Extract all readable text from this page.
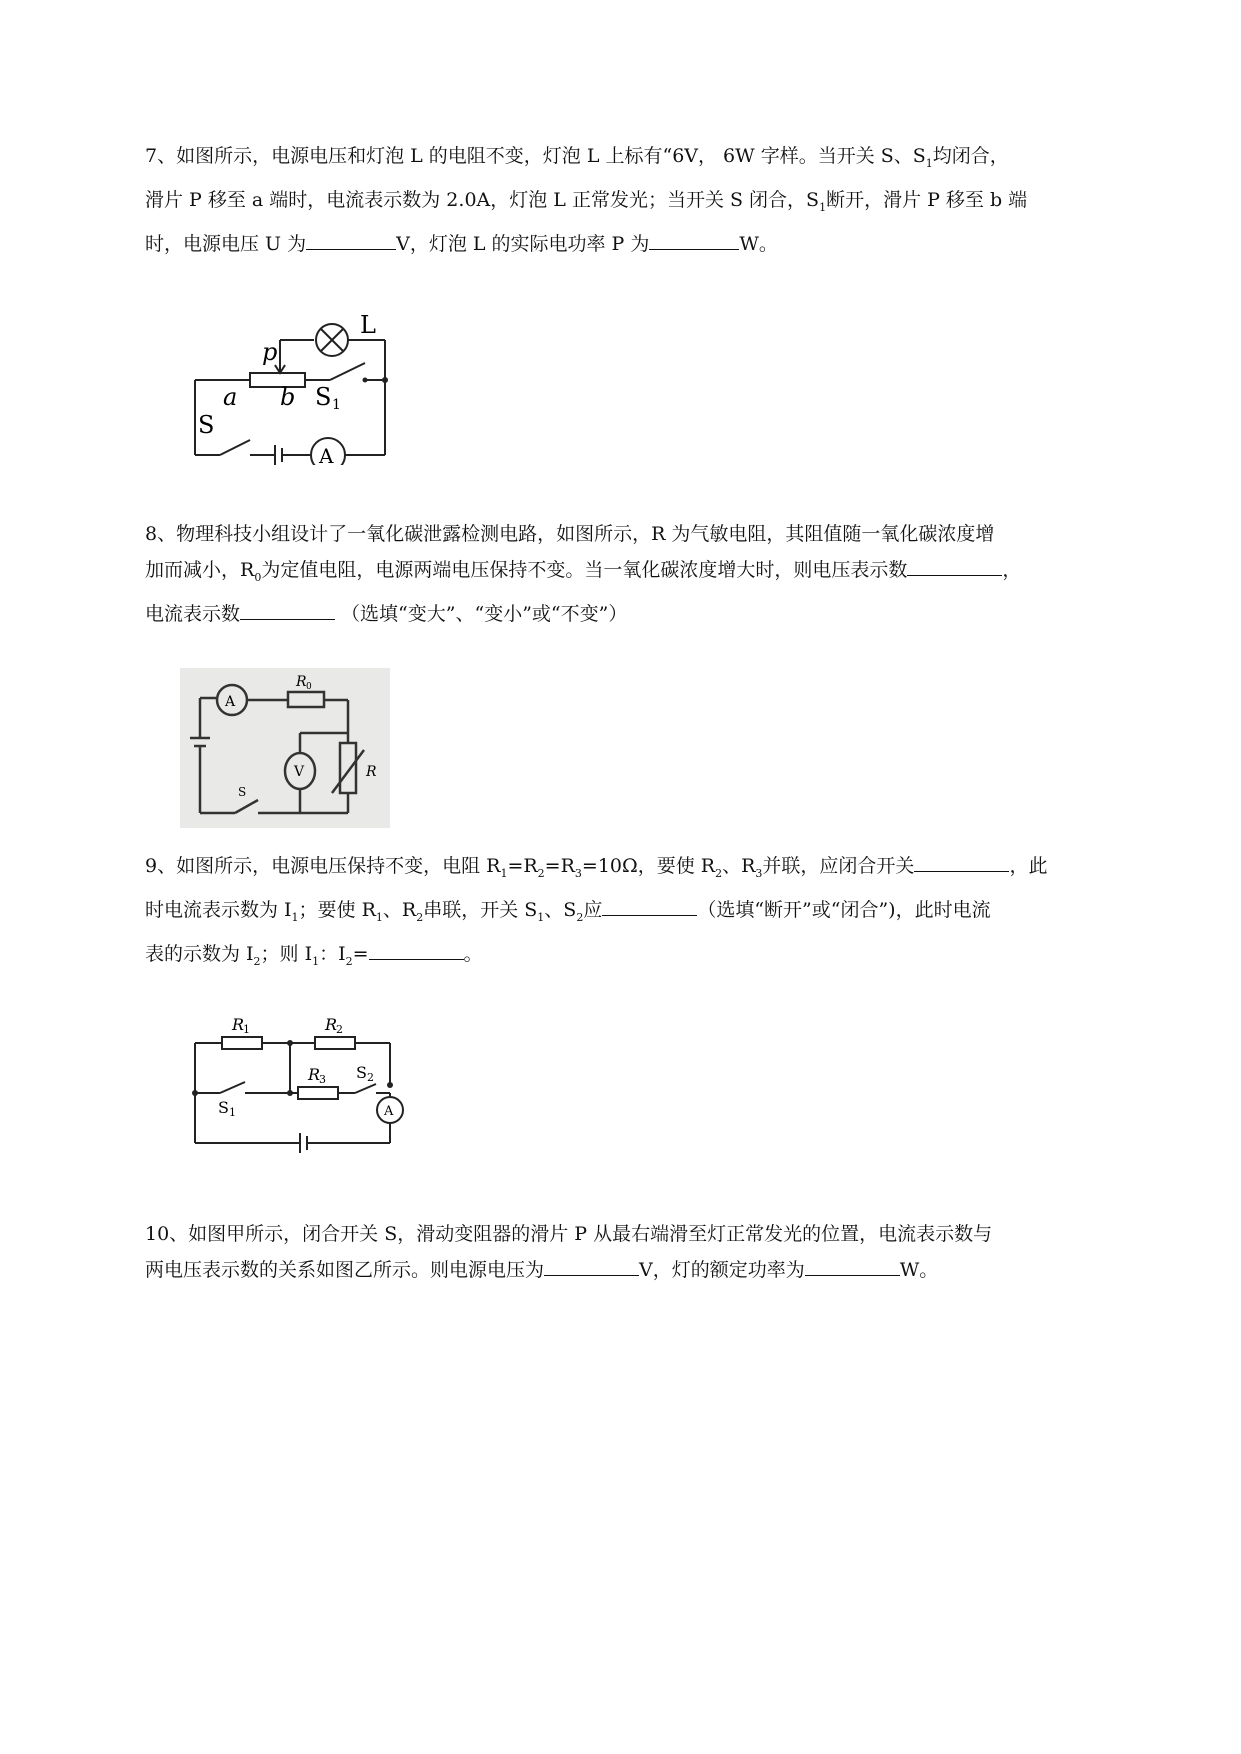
7、如图所示，电源电压和灯泡 L 的电阻不变，灯泡 L 上标有“6V， 6W 字样。当开关 S、$S_1$均闭合，

滑片 P 移至 a 端时，电流表示数为 2.0A，灯泡 L 正常发光；当开关 S 闭合，$S_1$断开，滑片 P 移至 b 端

时，电源电压 U 为	V，灯泡 L 的实际电功率 P 为	W。

L
p
a b S 1
S
A

8、物理科技小组设计了一氧化碳泄露检测电路，如图所示，R 为气敏电阻，其阻值随一氧化碳浓度增

加而减小，$R_0$为定值电阻，电源两端电压保持不变。当一氧化碳浓度增大时，则电压表示数	，

电流表示数	（选填“变大”、“变小”或“不变”）

A
R 0
V	R
S

9、如图所示，电源电压保持不变，电阻 $R_1=R_2=R_3=10\Omega$，要使 $R_2$、$R_3$并联，应闭合开关	，此

时电流表示数为 $I_1$；要使 $R_1$、$R_2$串联，开关 $S_1$、$S_2$应	（选填“断开”或“闭合”)，此时电流

表的示数为 $I_2$；则 $I_1$：$I_2=$	。

R
1	R
2
R
3 S 2
S 1	A

10、如图甲所示，闭合开关 S，滑动变阻器的滑片 P 从最右端滑至灯正常发光的位置，电流表示数与

两电压表示数的关系如图乙所示。则电源电压为	V，灯的额定功率为	W。
